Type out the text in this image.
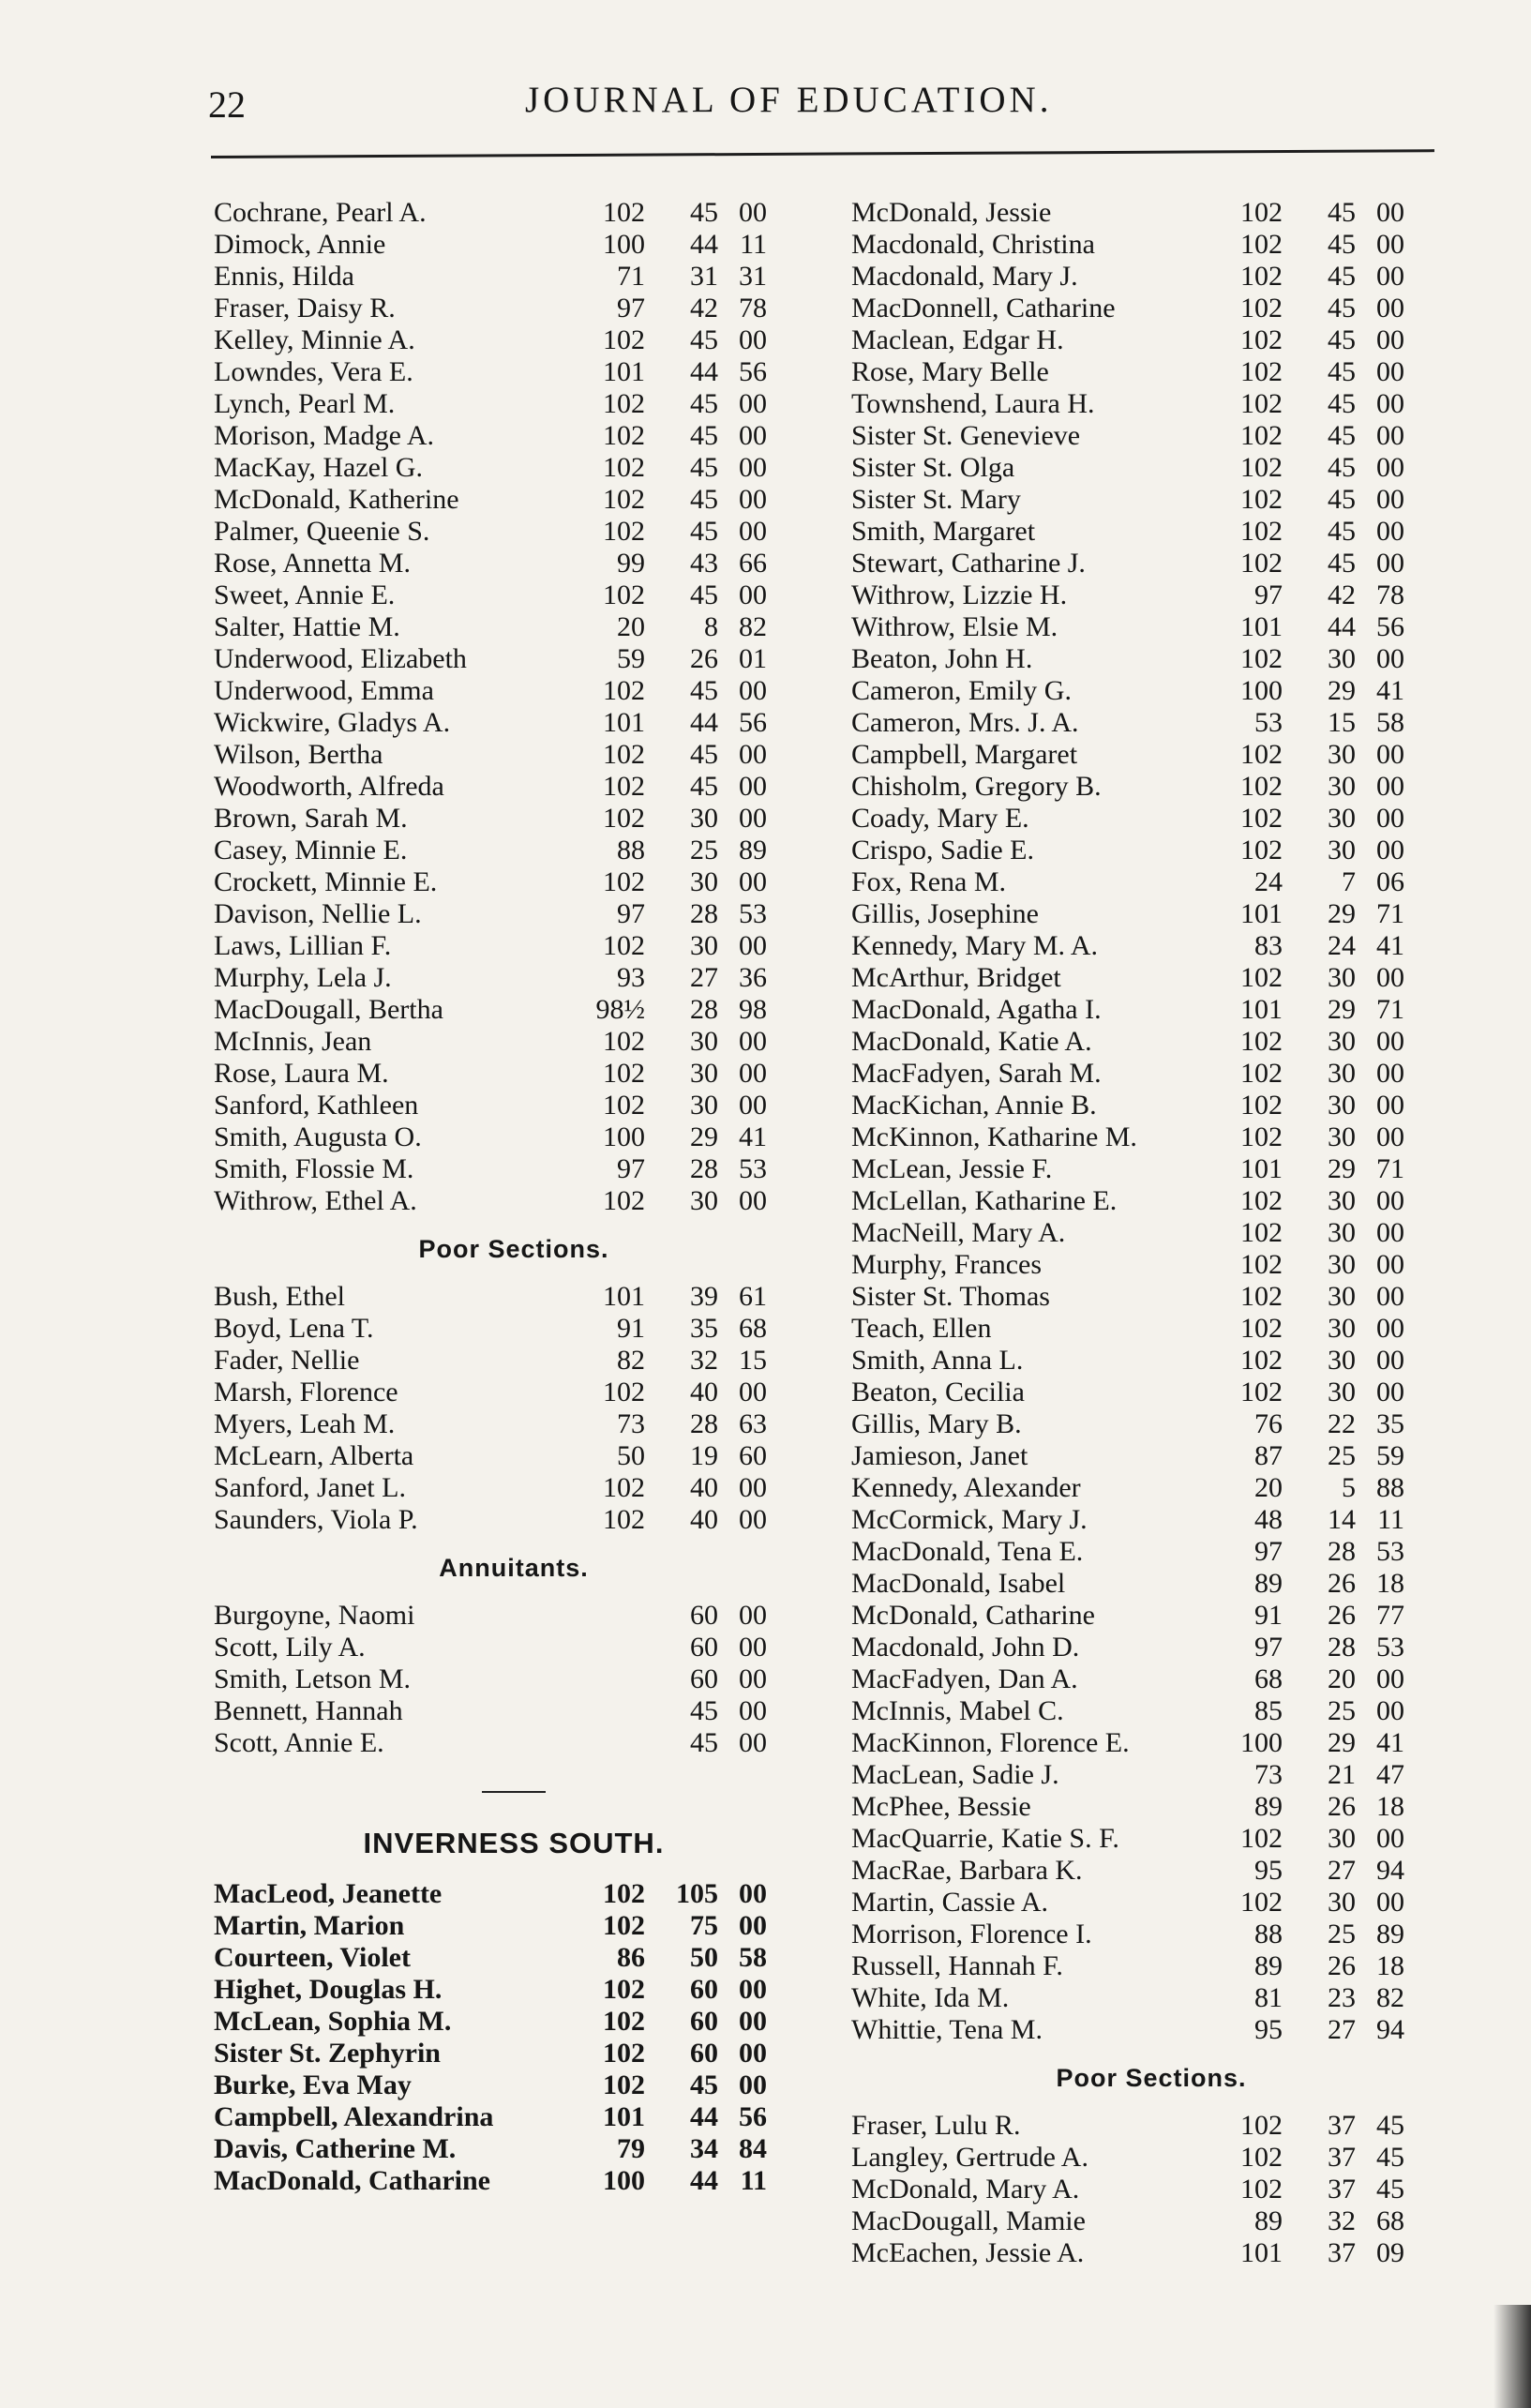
22	JOURNAL OF EDUCATION.
Cochrane, Pearl A.	102	45 00
Dimock, Annie	100	44 11
Ennis, Hilda	71	31 31
Fraser, Daisy R.	97	42 78
Kelley, Minnie A.	102	45 00
Lowndes, Vera E.	101	44 56
Lynch, Pearl M.	102	45 00
Morison, Madge A.	102	45 00
MacKay, Hazel G.	102	45 00
McDonald, Katherine	102	45 00
Palmer, Queenie S.	102	45 00
Rose, Annetta M.	99	43 66
Sweet, Annie E.	102	45 00
Salter, Hattie M.	20	8 82
Underwood, Elizabeth	59	26 01
Underwood, Emma	102	45 00
Wickwire, Gladys A.	101	44 56
Wilson, Bertha	102	45 00
Woodworth, Alfreda	102	45 00
Brown, Sarah M.	102	30 00
Casey, Minnie E.	88	25 89
Crockett, Minnie E.	102	30 00
Davison, Nellie L.	97	28 53
Laws, Lillian F.	102	30 00
Murphy, Lela J.	93	27 36
MacDougall, Bertha	98½	28 98
McInnis, Jean	102	30 00
Rose, Laura M.	102	30 00
Sanford, Kathleen	102	30 00
Smith, Augusta O.	100	29 41
Smith, Flossie M.	97	28 53
Withrow, Ethel A.	102	30 00
Poor Sections.
Bush, Ethel	101	39 61
Boyd, Lena T.	91	35 68
Fader, Nellie	82	32 15
Marsh, Florence	102	40 00
Myers, Leah M.	73	28 63
McLearn, Alberta	50	19 60
Sanford, Janet L.	102	40 00
Saunders, Viola P.	102	40 00
Annuitants.
Burgoyne, Naomi	60 00
Scott, Lily A.	60 00
Smith, Letson M.	60 00
Bennett, Hannah	45 00
Scott, Annie E.	45 00
INVERNESS SOUTH.
MacLeod, Jeanette	102	105 00
Martin, Marion	102	75 00
Courteen, Violet	86	50 58
Highet, Douglas H.	102	60 00
McLean, Sophia M.	102	60 00
Sister St. Zephyrin	102	60 00
Burke, Eva May	102	45 00
Campbell, Alexandrina	101	44 56
Davis, Catherine M.	79	34 84
MacDonald, Catharine	100	44 11
McDonald, Jessie	102	45 00
Macdonald, Christina	102	45 00
Macdonald, Mary J.	102	45 00
MacDonnell, Catharine	102	45 00
Maclean, Edgar H.	102	45 00
Rose, Mary Belle	102	45 00
Townshend, Laura H.	102	45 00
Sister St. Genevieve	102	45 00
Sister St. Olga	102	45 00
Sister St. Mary	102	45 00
Smith, Margaret	102	45 00
Stewart, Catharine J.	102	45 00
Withrow, Lizzie H.	97	42 78
Withrow, Elsie M.	101	44 56
Beaton, John H.	102	30 00
Cameron, Emily G.	100	29 41
Cameron, Mrs. J. A.	53	15 58
Campbell, Margaret	102	30 00
Chisholm, Gregory B.	102	30 00
Coady, Mary E.	102	30 00
Crispo, Sadie E.	102	30 00
Fox, Rena M.	24	7 06
Gillis, Josephine	101	29 71
Kennedy, Mary M. A.	83	24 41
McArthur, Bridget	102	30 00
MacDonald, Agatha I.	101	29 71
MacDonald, Katie A.	102	30 00
MacFadyen, Sarah M.	102	30 00
MacKichan, Annie B.	102	30 00
McKinnon, Katharine M.	102	30 00
McLean, Jessie F.	101	29 71
McLellan, Katharine E.	102	30 00
MacNeill, Mary A.	102	30 00
Murphy, Frances	102	30 00
Sister St. Thomas	102	30 00
Teach, Ellen	102	30 00
Smith, Anna L.	102	30 00
Beaton, Cecilia	102	30 00
Gillis, Mary B.	76	22 35
Jamieson, Janet	87	25 59
Kennedy, Alexander	20	5 88
McCormick, Mary J.	48	14 11
MacDonald, Tena E.	97	28 53
MacDonald, Isabel	89	26 18
McDonald, Catharine	91	26 77
Macdonald, John D.	97	28 53
MacFadyen, Dan A.	68	20 00
McInnis, Mabel C.	85	25 00
MacKinnon, Florence E.	100	29 41
MacLean, Sadie J.	73	21 47
McPhee, Bessie	89	26 18
MacQuarrie, Katie S. F.	102	30 00
MacRae, Barbara K.	95	27 94
Martin, Cassie A.	102	30 00
Morrison, Florence I.	88	25 89
Russell, Hannah F.	89	26 18
White, Ida M.	81	23 82
Whittie, Tena M.	95	27 94
Poor Sections.
Fraser, Lulu R.	102	37 45
Langley, Gertrude A.	102	37 45
McDonald, Mary A.	102	37 45
MacDougall, Mamie	89	32 68
McEachen, Jessie A.	101	37 09
